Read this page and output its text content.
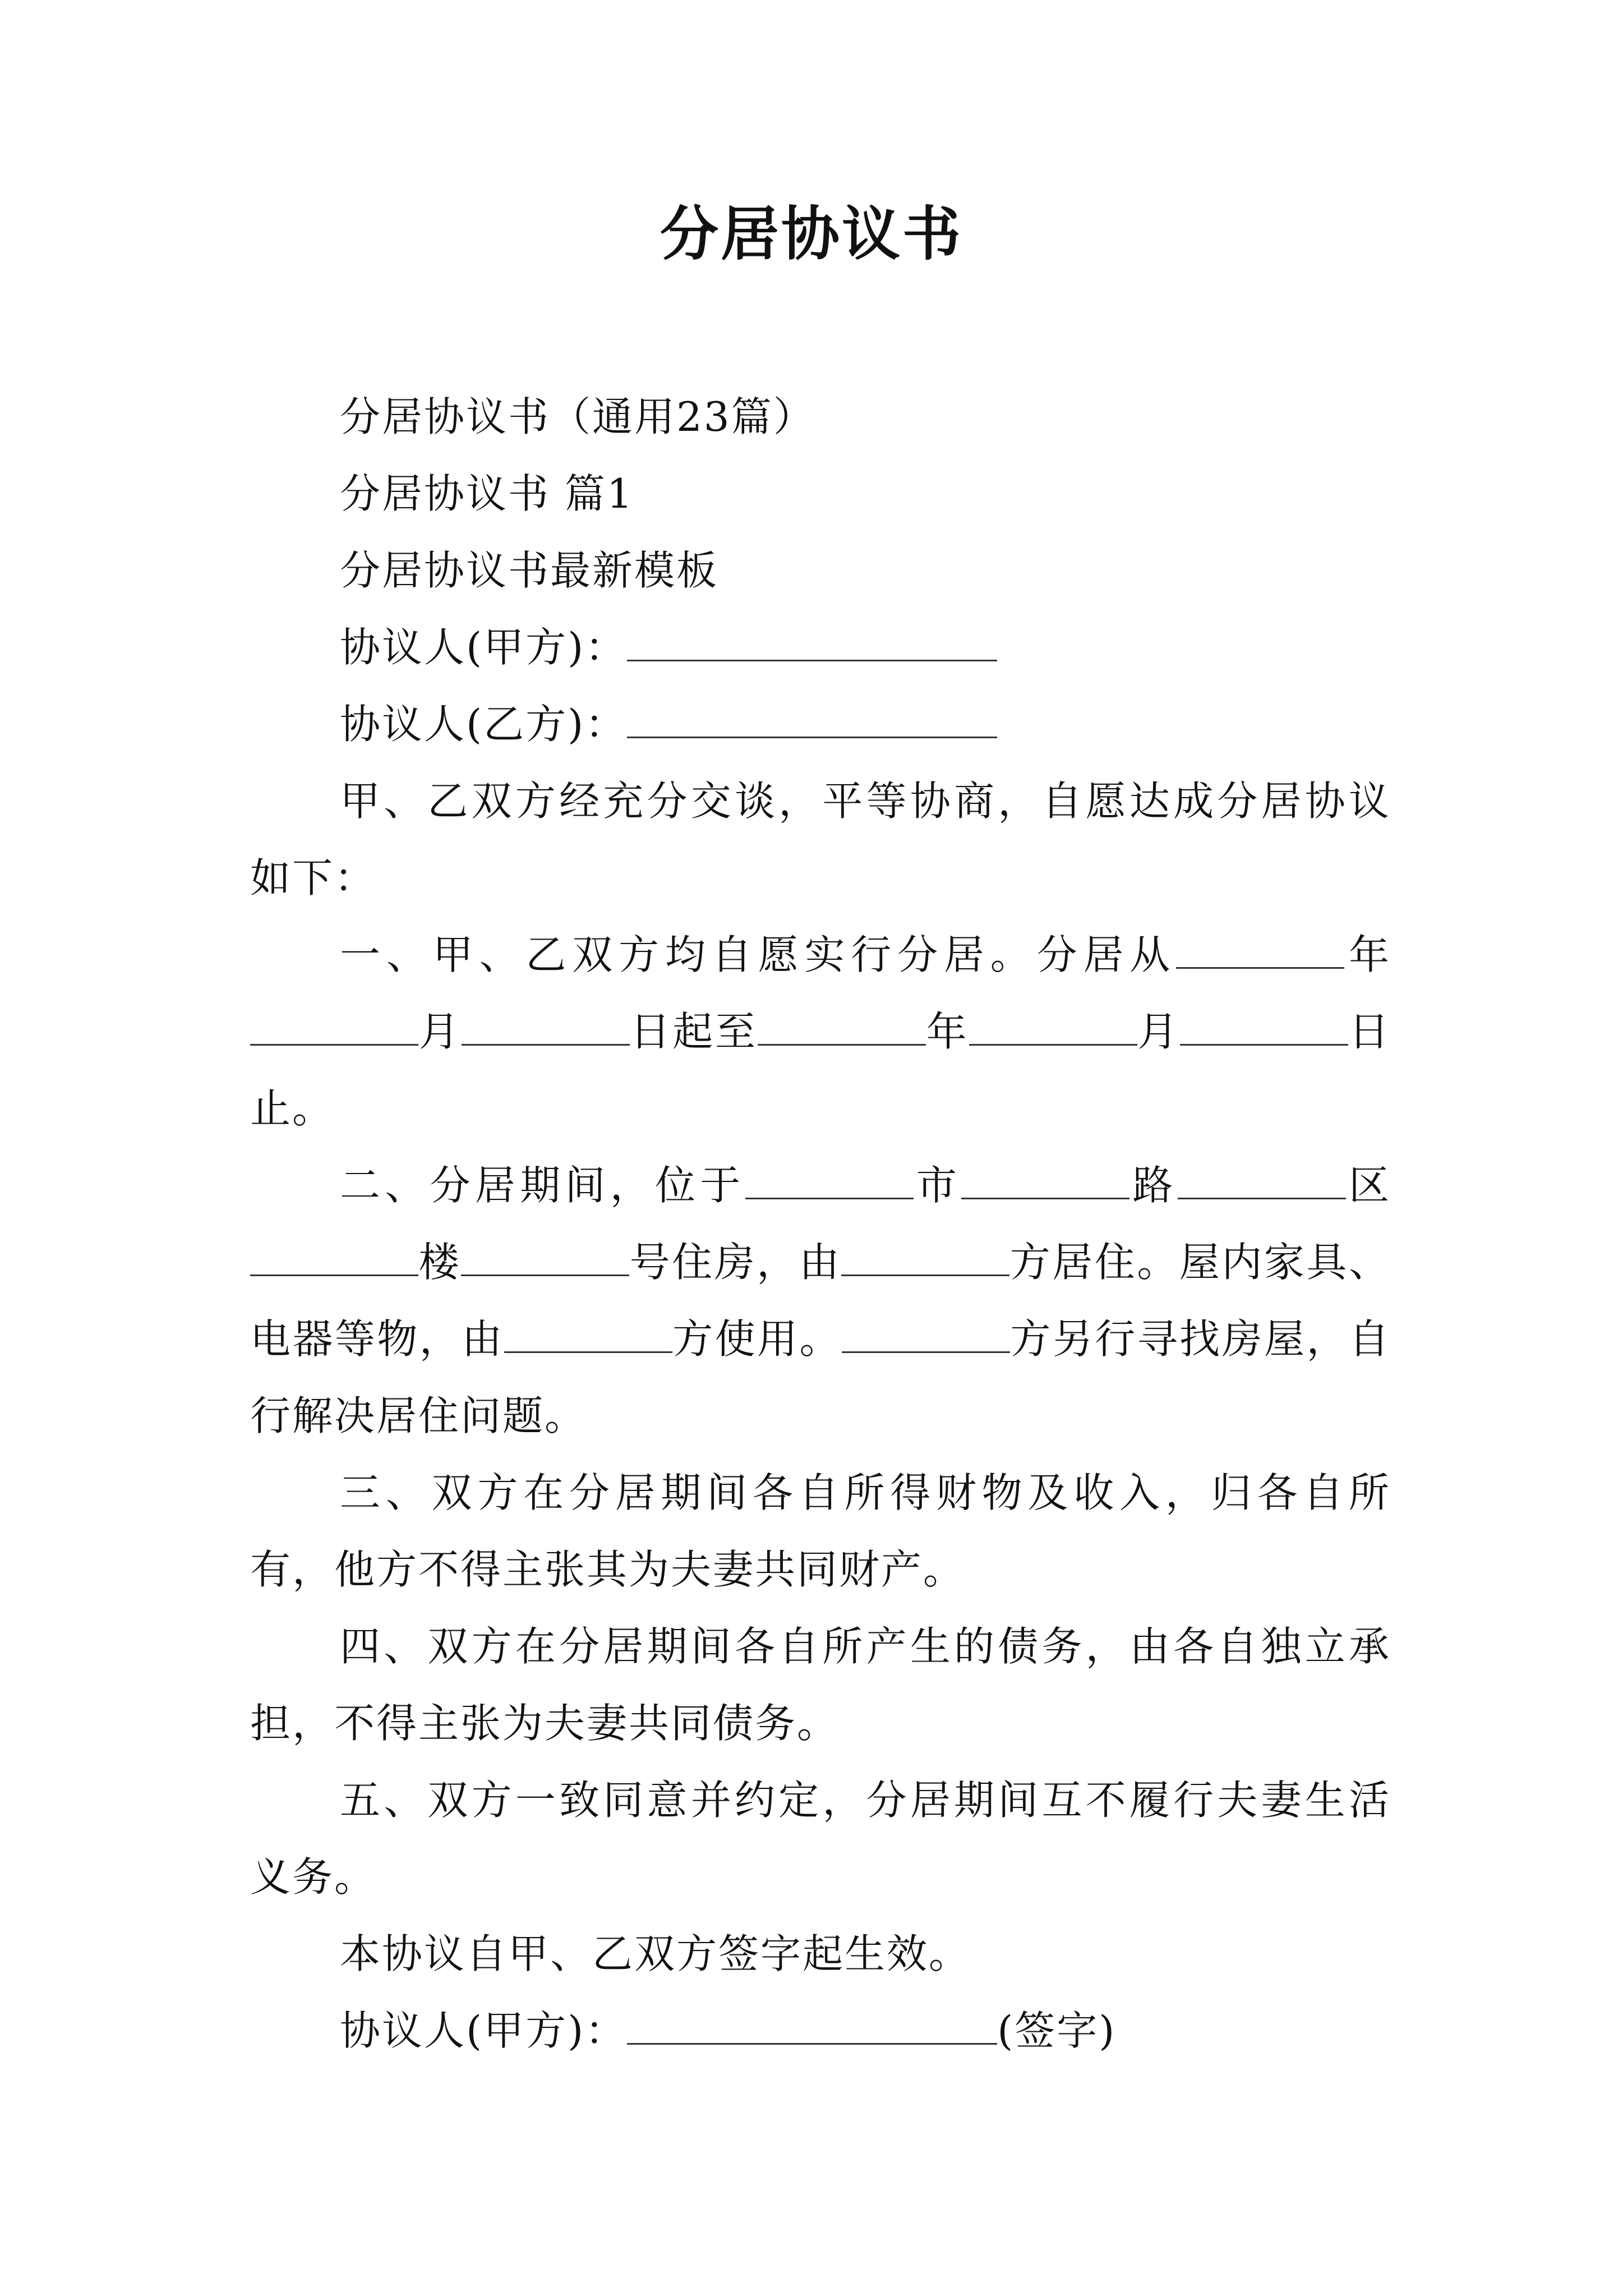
分居协议书

分居协议书（通用23篇）

分居协议书 篇1

分居协议书最新模板

协议人(甲方)：

协议人(乙方)：

甲、乙双方经充分交谈，平等协商，自愿达成分居协议如下：

一、甲、乙双方均自愿实行分居。分居从	年月	日起至	年	月	日止。

二、分居期间，位于	市	路	区楼	号住房，由	方居住。屋内家具、电器等物，由	方使用。	方另行寻找房屋，自行解决居住问题。

三、双方在分居期间各自所得财物及收入，归各自所有，他方不得主张其为夫妻共同财产。

四、双方在分居期间各自所产生的债务，由各自独立承担，不得主张为夫妻共同债务。

五、双方一致同意并约定，分居期间互不履行夫妻生活义务。

本协议自甲、乙双方签字起生效。

协议人(甲方)：	(签字)
